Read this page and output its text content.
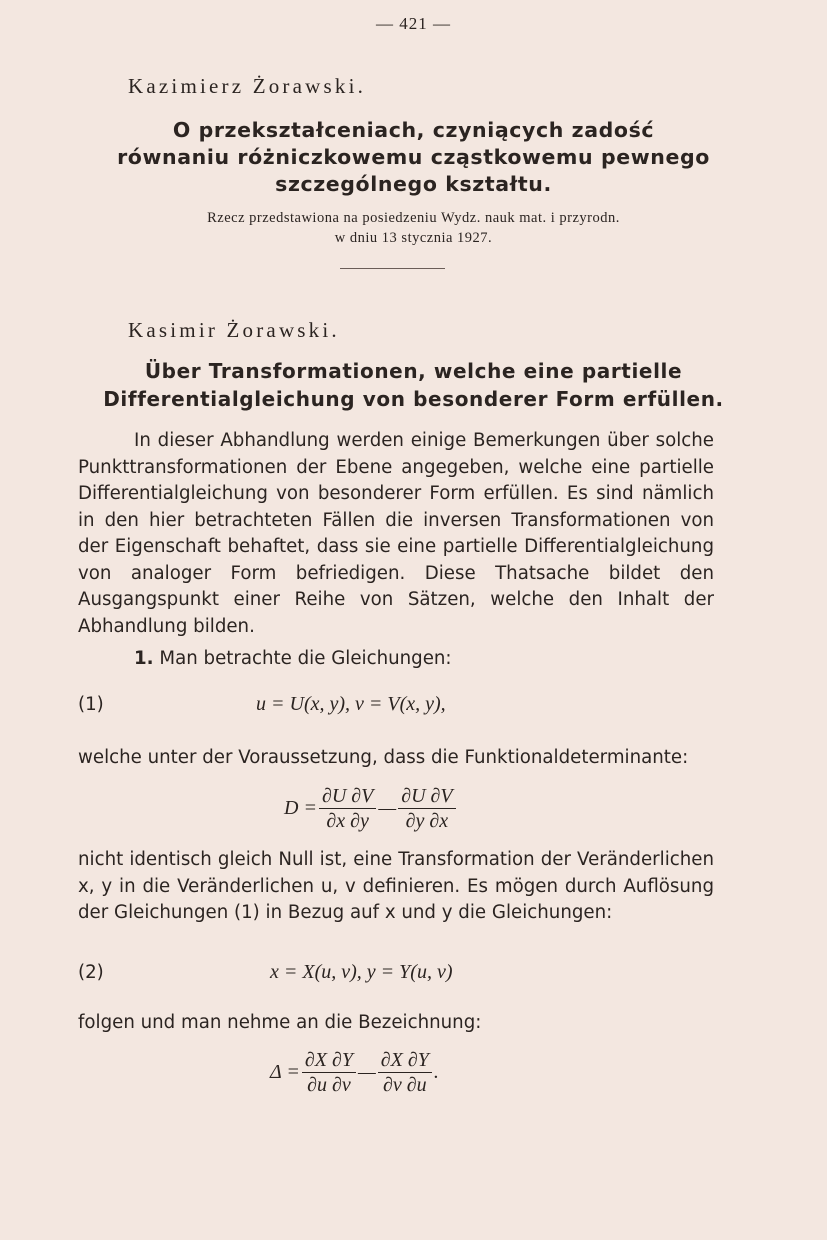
— 421 —
Kazimierz Żorawski.
O przekształceniach, czyniących zadość
równaniu różniczkowemu cząstkowemu pewnego
szczególnego kształtu.
Rzecz przedstawiona na posiedzeniu Wydz. nauk mat. i przyrodn.
w dniu 13 stycznia 1927.
Kasimir Żorawski.
Über Transformationen, welche eine partielle
Differentialgleichung von besonderer Form erfüllen.
In dieser Abhandlung werden einige Bemerkungen über solche Punkttransformationen der Ebene angegeben, welche eine partielle Differentialgleichung von besonderer Form erfüllen. Es sind nämlich in den hier betrachteten Fällen die inversen Transformationen von der Eigenschaft behaftet, dass sie eine partielle Differentialgleichung von analoger Form befriedigen. Diese Thatsache bildet den Ausgangspunkt einer Reihe von Sätzen, welche den Inhalt der Abhandlung bilden.
1. Man betrachte die Gleichungen:
(1)	u = U(x, y), v = V(x, y),
welche unter der Voraussetzung, dass die Funktionaldeterminante:
$D = \frac{\partial U \partial V}{\partial x \partial y}$ — $\frac{\partial U \partial V}{\partial y \partial x}$
nicht identisch gleich Null ist, eine Transformation der Veränderlichen x, y in die Veränderlichen u, v definieren. Es mögen durch Auflösung der Gleichungen (1) in Bezug auf x und y die Gleichungen:
(2)	x = X(u, v), y = Y(u, v)
folgen und man nehme an die Bezeichnung:
$\Delta = \frac{\partial X \partial Y}{\partial u \partial v}$ — $\frac{\partial X \partial Y}{\partial v \partial u}$ .
